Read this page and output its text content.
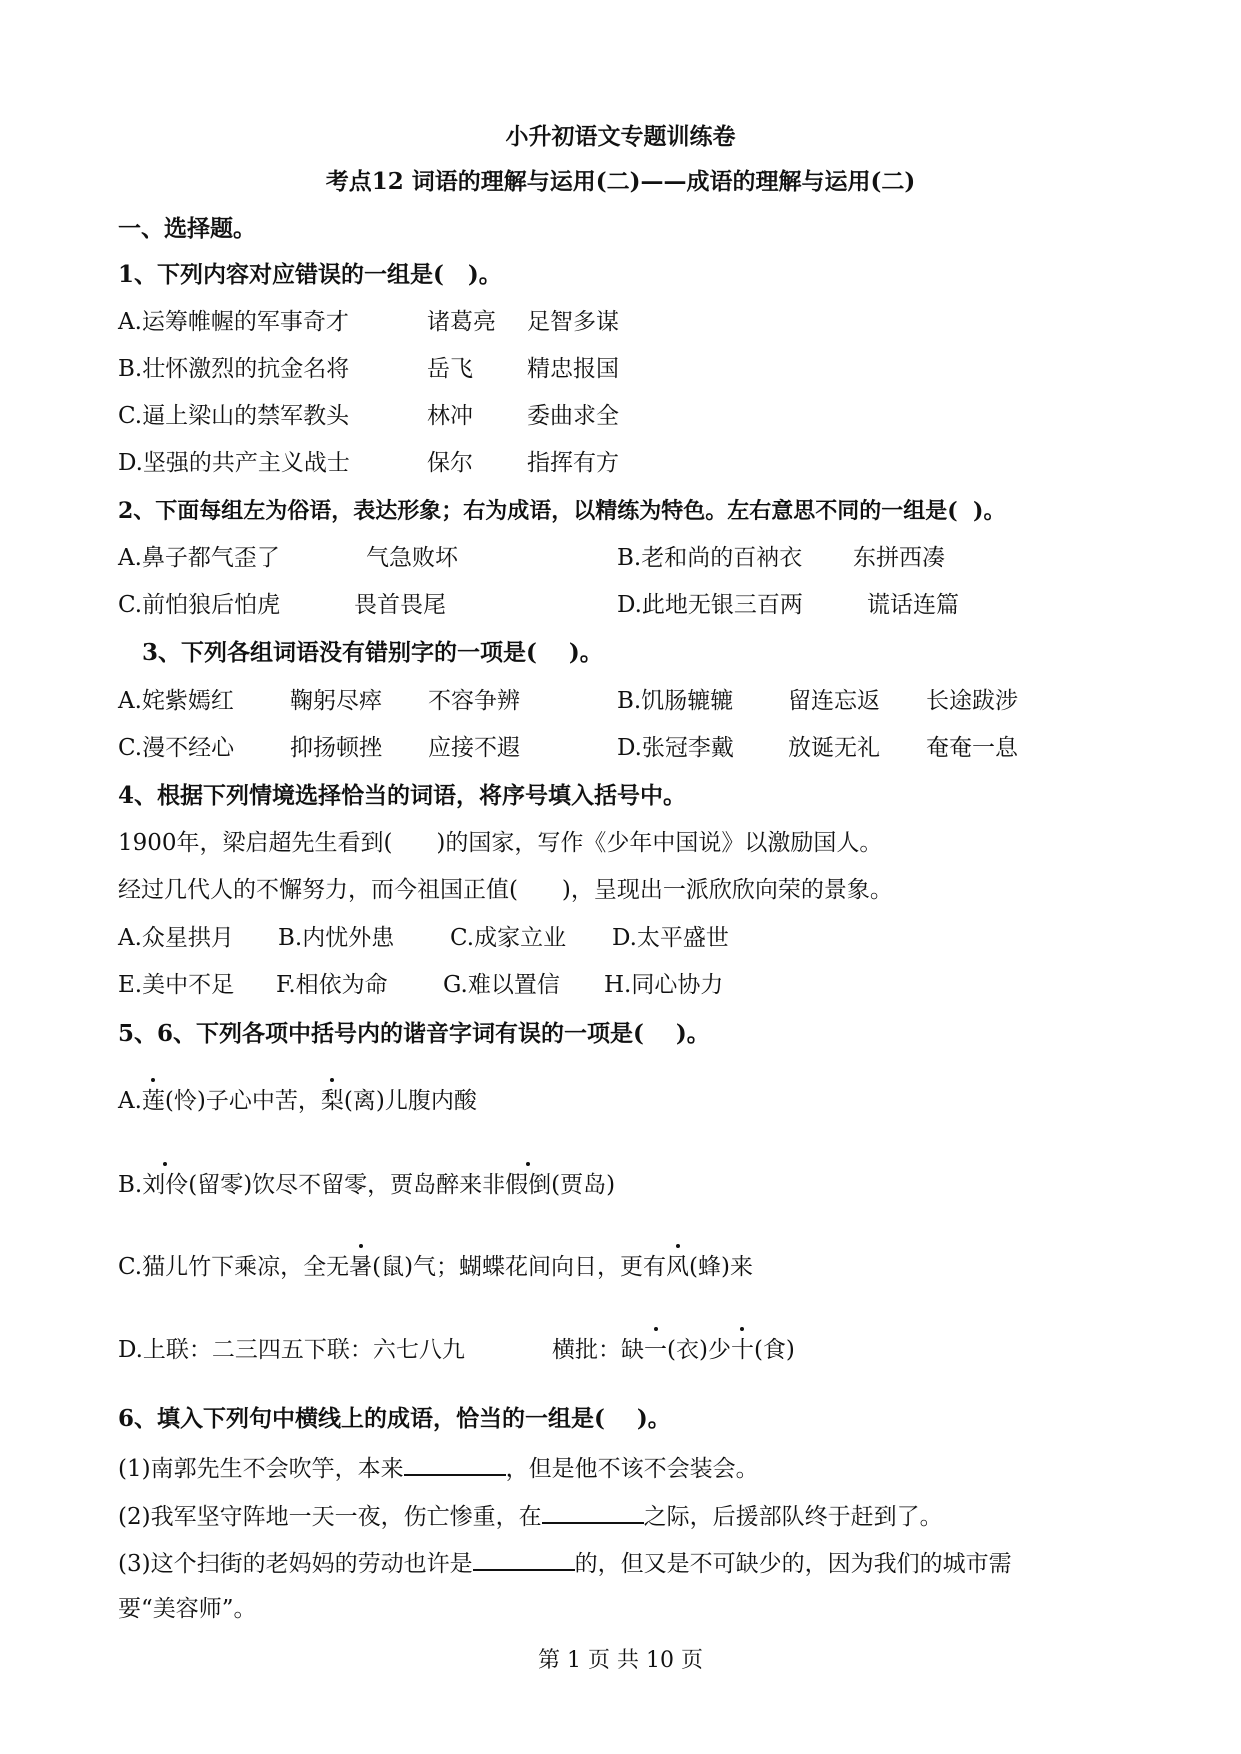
小升初语文专题训练卷
考点12 词语的理解与运用(二)——成语的理解与运用(二)
一、选择题。
1、下列内容对应错误的一组是(   )。
A.运筹帷幄的军事奇才	诸葛亮 足智多谋
B.壮怀激烈的抗金名将	岳飞 精忠报国
C.逼上梁山的禁军教头	林冲 委曲求全
D.坚强的共产主义战士	保尔 指挥有方
2、下面每组左为俗语，表达形象；右为成语，以精练为特色。左右意思不同的一组是(  )。
A.鼻子都气歪了	气急败坏	B.老和尚的百衲衣 东拼西凑
C.前怕狼后怕虎	畏首畏尾	D.此地无银三百两	谎话连篇
3、下列各组词语没有错别字的一项是(    )。
A.姹紫嫣红 鞠躬尽瘁 不容争辨	B.饥肠辘辘 留连忘返 长途跋涉
C.漫不经心 抑扬顿挫 应接不遐	D.张冠李戴 放诞无礼 奄奄一息
4、根据下列情境选择恰当的词语，将序号填入括号中。
1900年，梁启超先生看到(      )的国家，写作《少年中国说》以激励国人。
经过几代人的不懈努力，而今祖国正值(      )，呈现出一派欣欣向荣的景象。
A.众星拱月 B.内忧外患 C.成家立业 D.太平盛世
E.美中不足 F.相依为命 G.难以置信 H.同心协力
5、6、下列各项中括号内的谐音字词有误的一项是(    )。
A.莲(怜)子心中苦，梨(离)儿腹内酸
B.刘伶(留零)饮尽不留零，贾岛醉来非假倒(贾岛)
C.猫儿竹下乘凉，全无暑(鼠)气；蝴蝶花间向日，更有风(蜂)来
D.上联：二三四五下联：六七八九	横批：缺一(衣)少十(食)
6、填入下列句中横线上的成语，恰当的一组是(    )。
(1)南郭先生不会吹竽，本来	，但是他不该不会装会。
(2)我军坚守阵地一天一夜，伤亡惨重，在	之际，后援部队终于赶到了。
(3)这个扫街的老妈妈的劳动也许是	的，但又是不可缺少的，因为我们的城市需
要“美容师”。
第 1 页 共 10 页
